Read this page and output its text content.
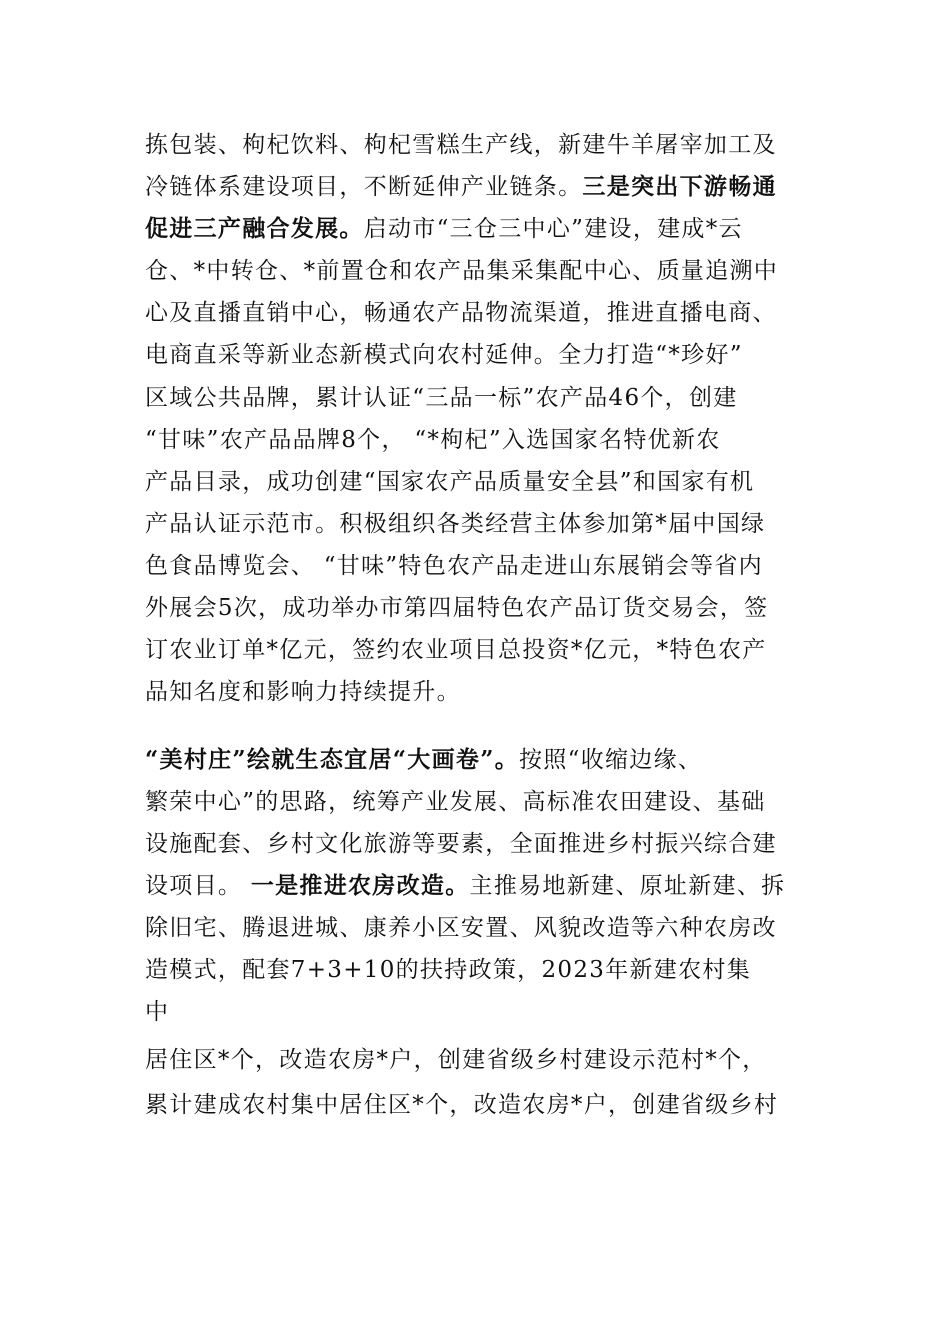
拣包装、枸杞饮料、枸杞雪糕生产线，新建牛羊屠宰加工及
冷链体系建设项目，不断延伸产业链条。三是突出下游畅通
促进三产融合发展。启动市“三仓三中心”建设，建成*云
仓、*中转仓、*前置仓和农产品集采集配中心、质量追溯中
心及直播直销中心，畅通农产品物流渠道，推进直播电商、
电商直采等新业态新模式向农村延伸。全力打造“*珍好”
区域公共品牌，累计认证“三品一标”农产品46个，创建
“甘味”农产品品牌8个， “*枸杞”入选国家名特优新农
产品目录，成功创建“国家农产品质量安全县”和国家有机
产品认证示范市。积极组织各类经营主体参加第*届中国绿
色食品博览会、 “甘味”特色农产品走进山东展销会等省内
外展会5次，成功举办市第四届特色农产品订货交易会，签
订农业订单*亿元，签约农业项目总投资*亿元，*特色农产
品知名度和影响力持续提升。
“美村庄”绘就生态宜居“大画卷”。按照“收缩边缘、
繁荣中心”的思路，统筹产业发展、高标准农田建设、基础
设施配套、乡村文化旅游等要素，全面推进乡村振兴综合建
设项目。 一是推进农房改造。主推易地新建、原址新建、拆
除旧宅、腾退进城、康养小区安置、风貌改造等六种农房改
造模式，配套7+3+10的扶持政策，2023年新建农村集
中
居住区*个，改造农房*户，创建省级乡村建设示范村*个，
累计建成农村集中居住区*个，改造农房*户，创建省级乡村
